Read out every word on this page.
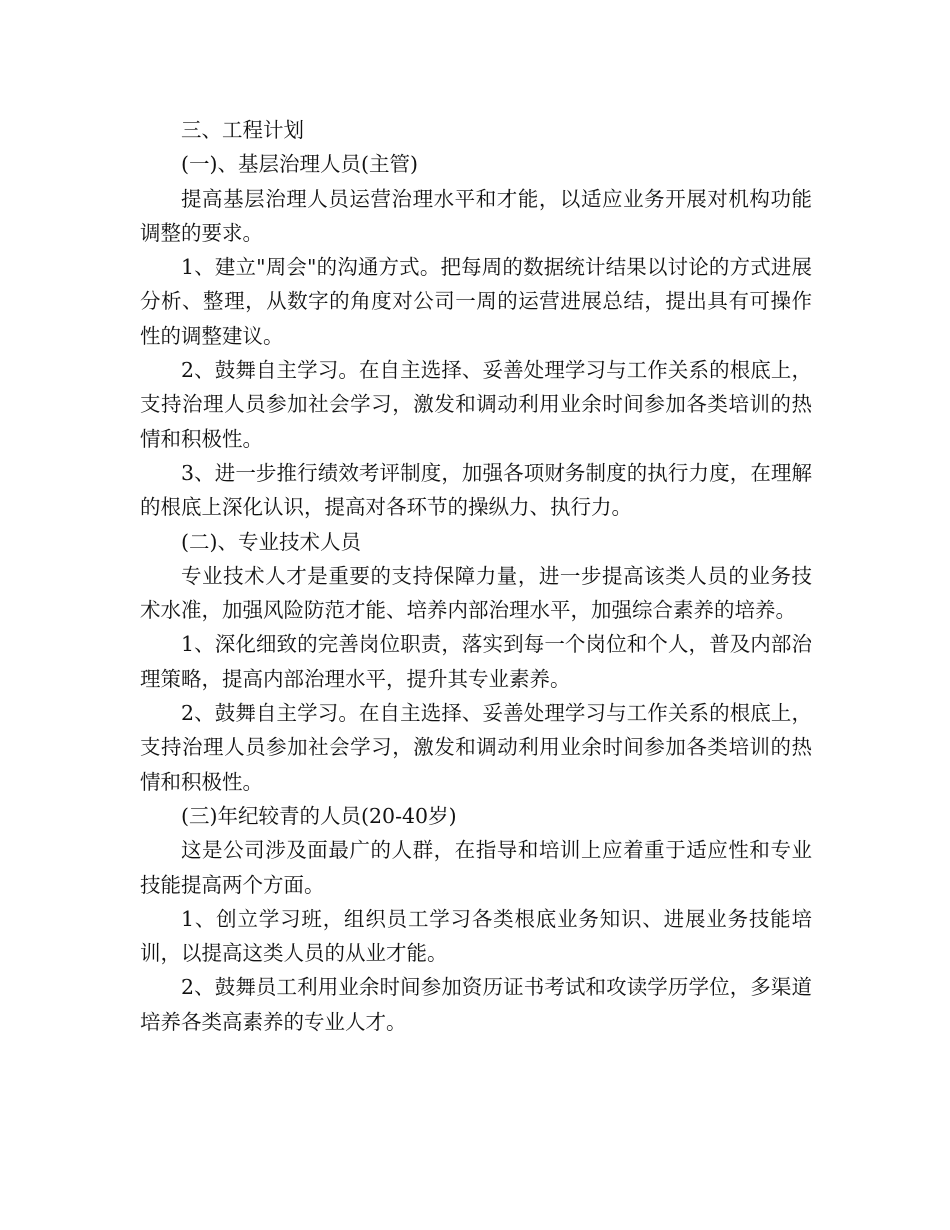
三、工程计划

(一)、基层治理人员(主管)

提高基层治理人员运营治理水平和才能，以适应业务开展对机构功能调整的要求。

1、建立"周会"的沟通方式。把每周的数据统计结果以讨论的方式进展分析、整理，从数字的角度对公司一周的运营进展总结，提出具有可操作性的调整建议。

2、鼓舞自主学习。在自主选择、妥善处理学习与工作关系的根底上，支持治理人员参加社会学习，激发和调动利用业余时间参加各类培训的热情和积极性。

3、进一步推行绩效考评制度，加强各项财务制度的执行力度，在理解的根底上深化认识，提高对各环节的操纵力、执行力。

(二)、专业技术人员

专业技术人才是重要的支持保障力量，进一步提高该类人员的业务技术水准，加强风险防范才能、培养内部治理水平，加强综合素养的培养。

1、深化细致的完善岗位职责，落实到每一个岗位和个人，普及内部治理策略，提高内部治理水平，提升其专业素养。

2、鼓舞自主学习。在自主选择、妥善处理学习与工作关系的根底上，支持治理人员参加社会学习，激发和调动利用业余时间参加各类培训的热情和积极性。

(三)年纪较青的人员(20-40岁)

这是公司涉及面最广的人群，在指导和培训上应着重于适应性和专业技能提高两个方面。

1、创立学习班，组织员工学习各类根底业务知识、进展业务技能培训，以提高这类人员的从业才能。

2、鼓舞员工利用业余时间参加资历证书考试和攻读学历学位，多渠道培养各类高素养的专业人才。
